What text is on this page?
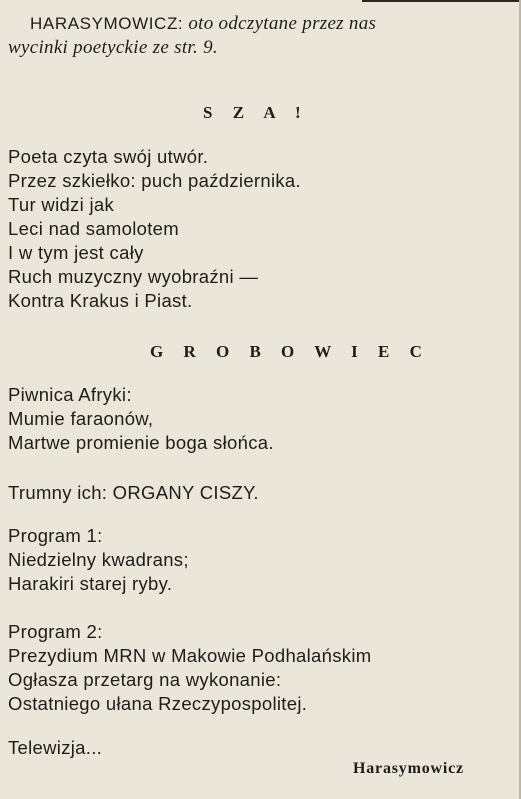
HARASYMOWICZ: oto odczytane przez nas
wycinki poetyckie ze str. 9.
S Z A !
Poeta czyta swój utwór.
Przez szkiełko: puch października.
Tur widzi jak
Leci nad samolotem
I w tym jest cały
Ruch muzyczny wyobraźni —
Kontra Krakus i Piast.
G R O B O W I E C
Piwnica Afryki:
Mumie faraonów,
Martwe promienie boga słońca.
Trumny ich: ORGANY CISZY.
Program 1:
Niedzielny kwadrans;
Harakiri starej ryby.
Program 2:
Prezydium MRN w Makowie Podhalańskim
Ogłasza przetarg na wykonanie:
Ostatniego ułana Rzeczypospolitej.
Telewizja...
Harasymowicz
